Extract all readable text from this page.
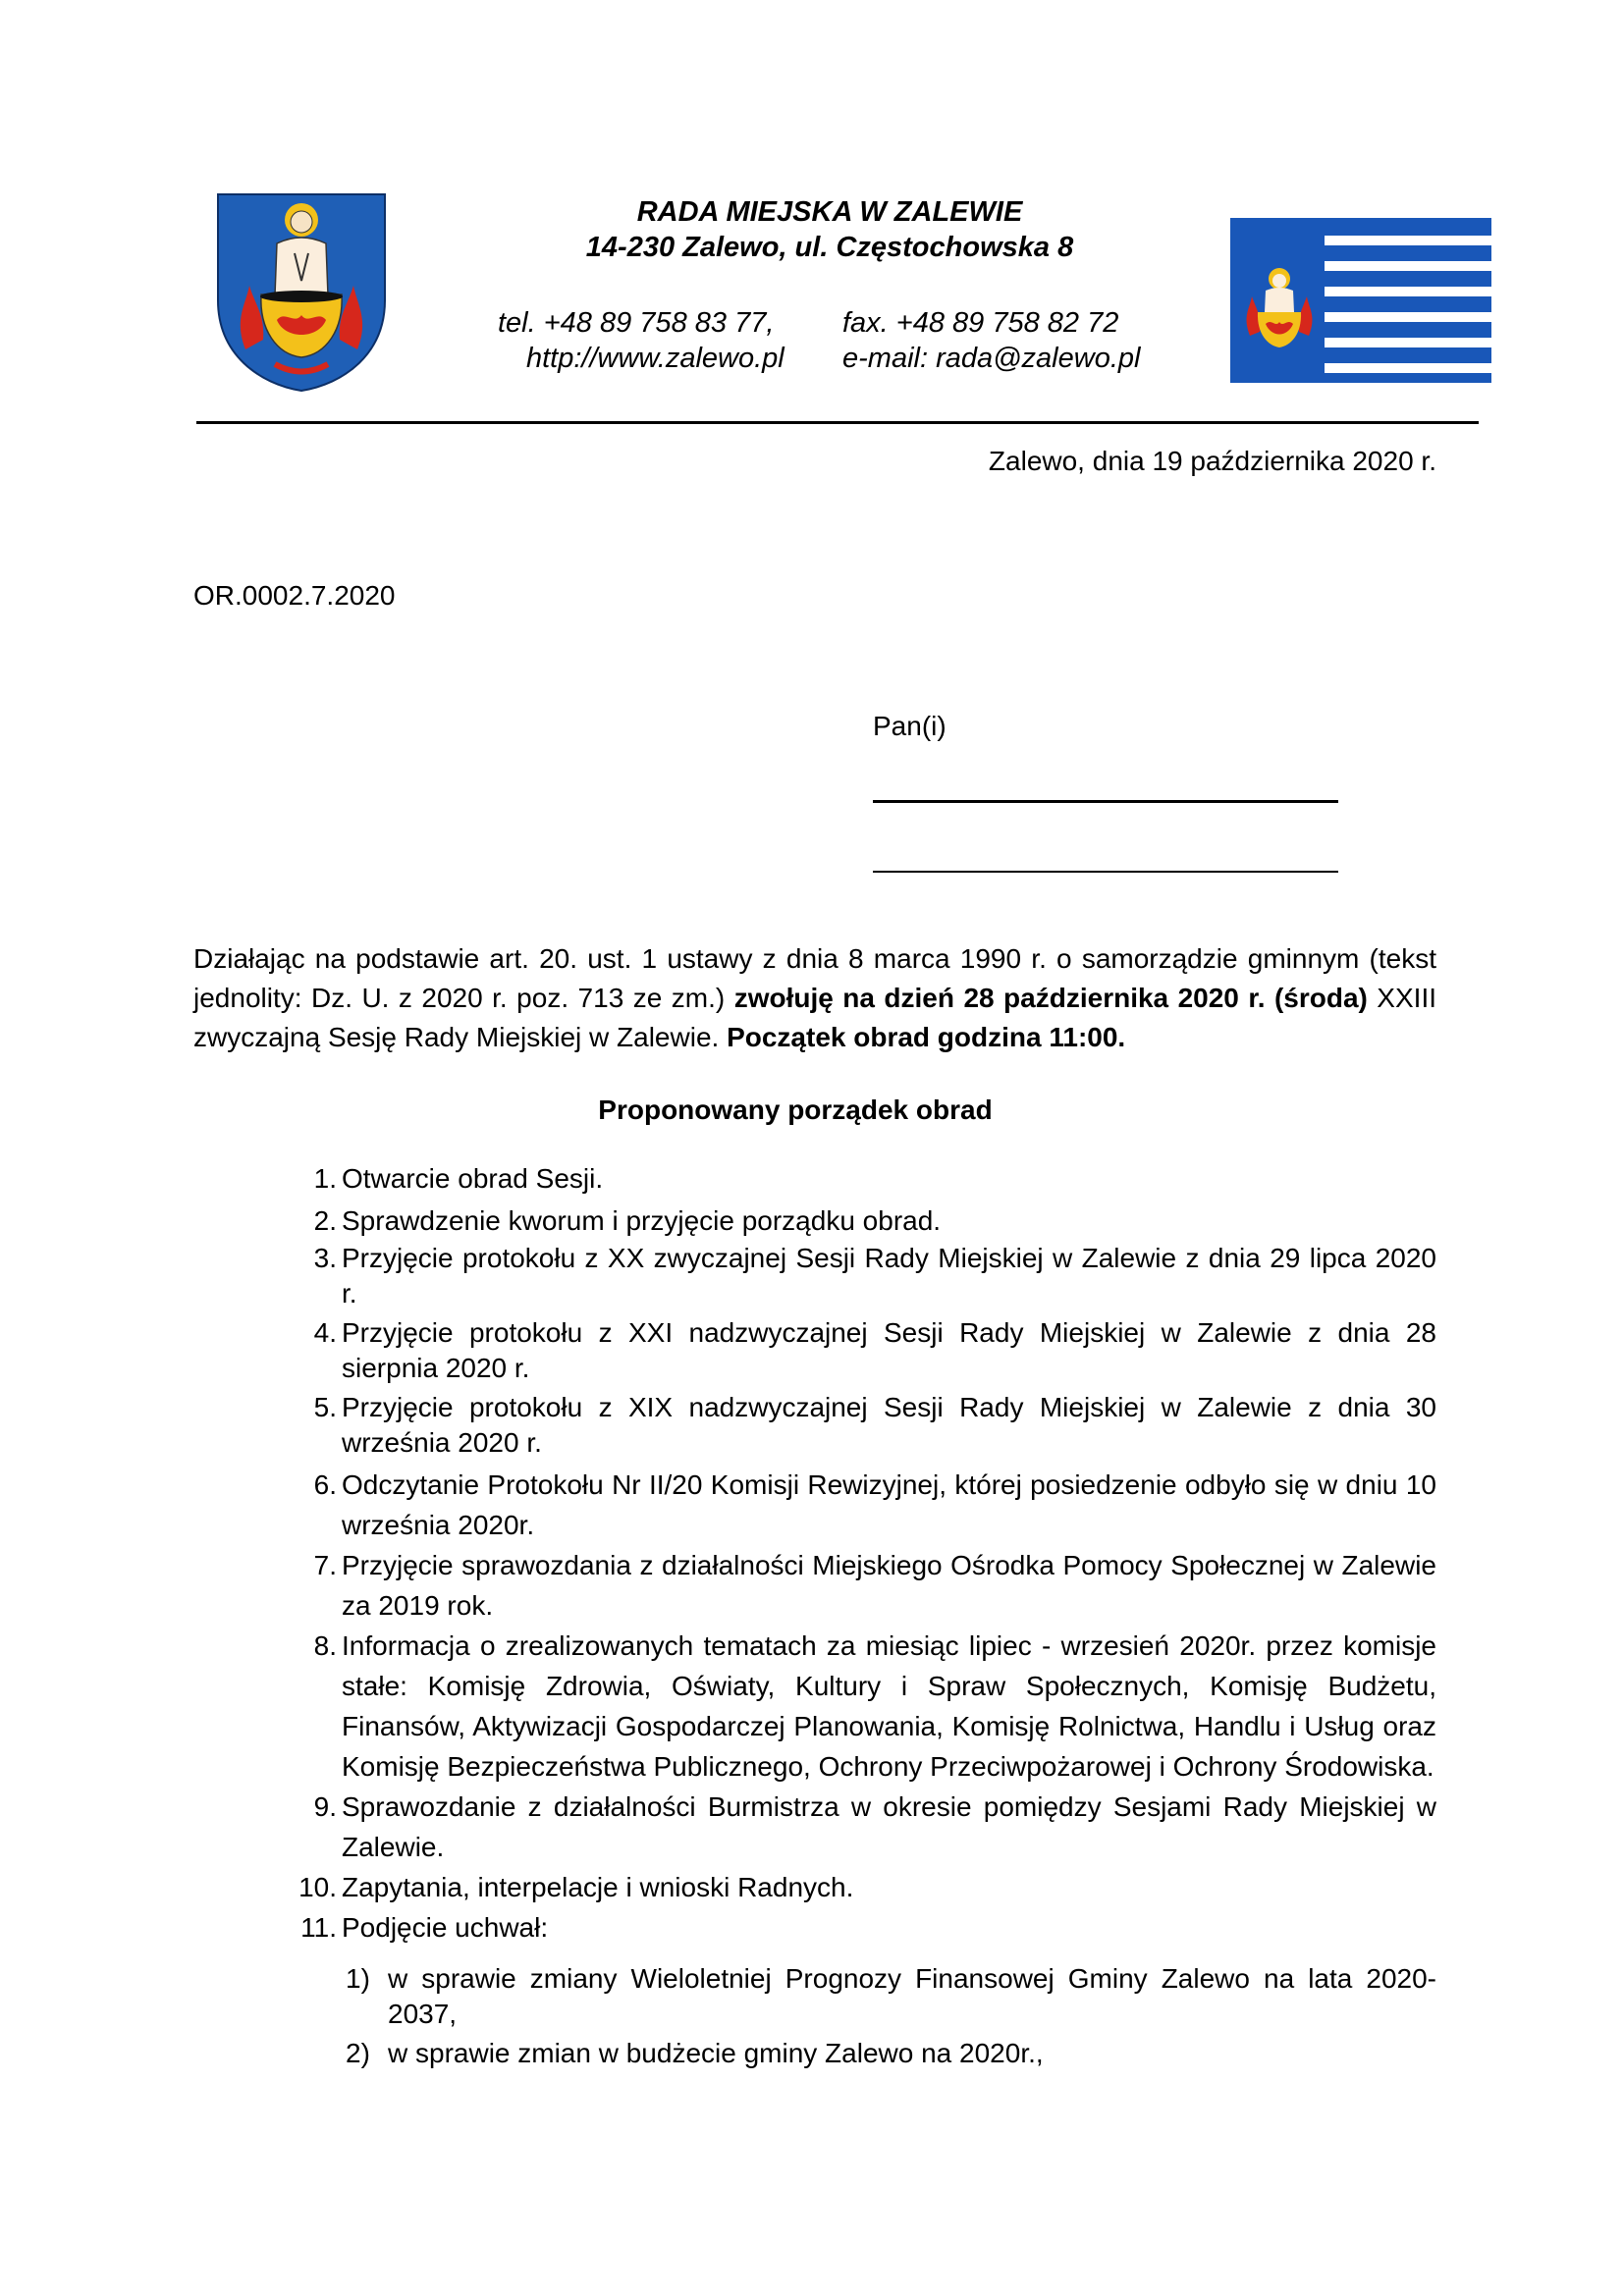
RADA MIEJSKA W ZALEWIE
14-230 Zalewo, ul. Częstochowska 8
tel. +48 89 758 83 77, fax. +48 89 758 82 72
http://www.zalewo.pl e-mail: rada@zalewo.pl
Zalewo, dnia 19 października 2020 r.
OR.0002.7.2020
Pan(i)
Działając na podstawie art. 20. ust. 1 ustawy z dnia 8 marca 1990 r. o samorządzie gminnym (tekst jednolity: Dz. U. z 2020 r. poz. 713 ze zm.) zwołuję na dzień 28 października 2020 r. (środa) XXIII zwyczajną Sesję Rady Miejskiej w Zalewie. Początek obrad godzina 11:00.
Proponowany porządek obrad
1. Otwarcie obrad Sesji.
2. Sprawdzenie kworum i przyjęcie porządku obrad.
3. Przyjęcie protokołu z XX zwyczajnej Sesji Rady Miejskiej w Zalewie z dnia 29 lipca 2020 r.
4. Przyjęcie protokołu z XXI nadzwyczajnej Sesji Rady Miejskiej w Zalewie z dnia 28 sierpnia 2020 r.
5. Przyjęcie protokołu z XIX nadzwyczajnej Sesji Rady Miejskiej w Zalewie z dnia 30 września 2020 r.
6. Odczytanie Protokołu Nr II/20 Komisji Rewizyjnej, której posiedzenie odbyło się w dniu 10 września 2020r.
7. Przyjęcie sprawozdania z działalności Miejskiego Ośrodka Pomocy Społecznej w Zalewie za 2019 rok.
8. Informacja o zrealizowanych tematach za miesiąc lipiec - wrzesień 2020r. przez komisje stałe: Komisję Zdrowia, Oświaty, Kultury i Spraw Społecznych, Komisję Budżetu, Finansów, Aktywizacji Gospodarczej Planowania, Komisję Rolnictwa, Handlu i Usług oraz Komisję Bezpieczeństwa Publicznego, Ochrony Przeciwpożarowej i Ochrony Środowiska.
9. Sprawozdanie z działalności Burmistrza w okresie pomiędzy Sesjami Rady Miejskiej w Zalewie.
10. Zapytania, interpelacje i wnioski Radnych.
11. Podjęcie uchwał:
1) w sprawie zmiany Wieloletniej Prognozy Finansowej Gminy Zalewo na lata 2020- 2037,
2) w sprawie zmian w budżecie gminy Zalewo na 2020r.,
